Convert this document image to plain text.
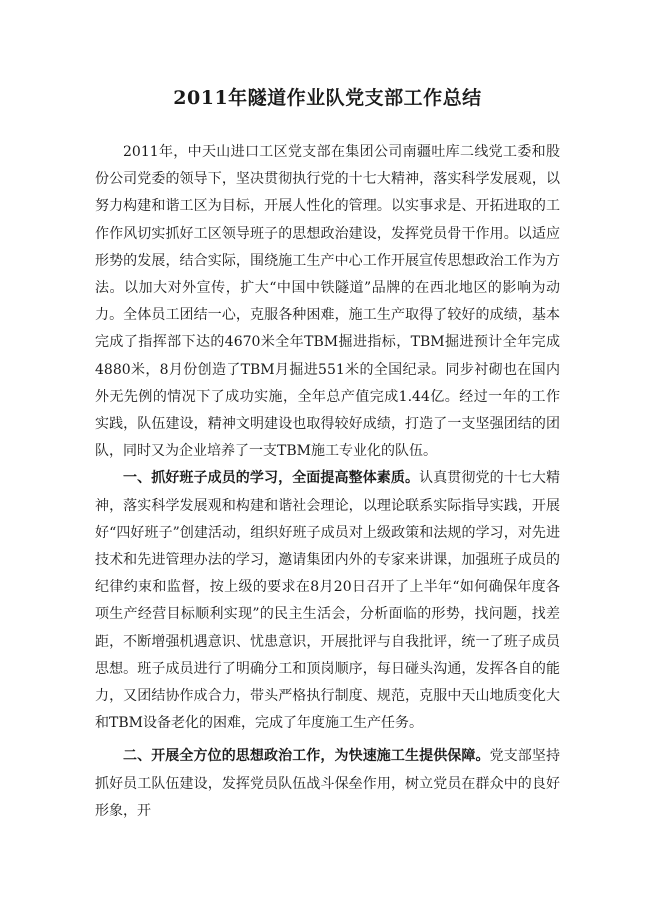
2011年隧道作业队党支部工作总结

2011年，中天山进口工区党支部在集团公司南疆吐库二线党工委和股份公司党委的领导下，坚决贯彻执行党的十七大精神，落实科学发展观，以努力构建和谐工区为目标，开展人性化的管理。以实事求是、开拓进取的工作作风切实抓好工区领导班子的思想政治建设，发挥党员骨干作用。以适应形势的发展，结合实际，围绕施工生产中心工作开展宣传思想政治工作为方法。以加大对外宣传，扩大“中国中铁隧道”品牌的在西北地区的影响为动力。全体员工团结一心，克服各种困难，施工生产取得了较好的成绩，基本完成了指挥部下达的4670米全年TBM掘进指标，TBM掘进预计全年完成4880米，8月份创造了TBM月掘进551米的全国纪录。同步衬砌也在国内外无先例的情况下了成功实施，全年总产值完成1.44亿。经过一年的工作实践，队伍建设，精神文明建设也取得较好成绩，打造了一支坚强团结的团队，同时又为企业培养了一支TBM施工专业化的队伍。

一、抓好班子成员的学习，全面提高整体素质。认真贯彻党的十七大精神，落实科学发展观和构建和谐社会理论，以理论联系实际指导实践，开展好“四好班子”创建活动，组织好班子成员对上级政策和法规的学习，对先进技术和先进管理办法的学习，邀请集团内外的专家来讲课，加强班子成员的纪律约束和监督，按上级的要求在8月20日召开了上半年“如何确保年度各项生产经营目标顺利实现”的民主生活会，分析面临的形势，找问题，找差距，不断增强机遇意识、忧患意识，开展批评与自我批评，统一了班子成员思想。班子成员进行了明确分工和顶岗顺序，每日碰头沟通，发挥各自的能力，又团结协作成合力，带头严格执行制度、规范，克服中天山地质变化大和TBM设备老化的困难，完成了年度施工生产任务。

二、开展全方位的思想政治工作，为快速施工生提供保障。党支部坚持抓好员工队伍建设，发挥党员队伍战斗保垒作用，树立党员在群众中的良好形象，开
